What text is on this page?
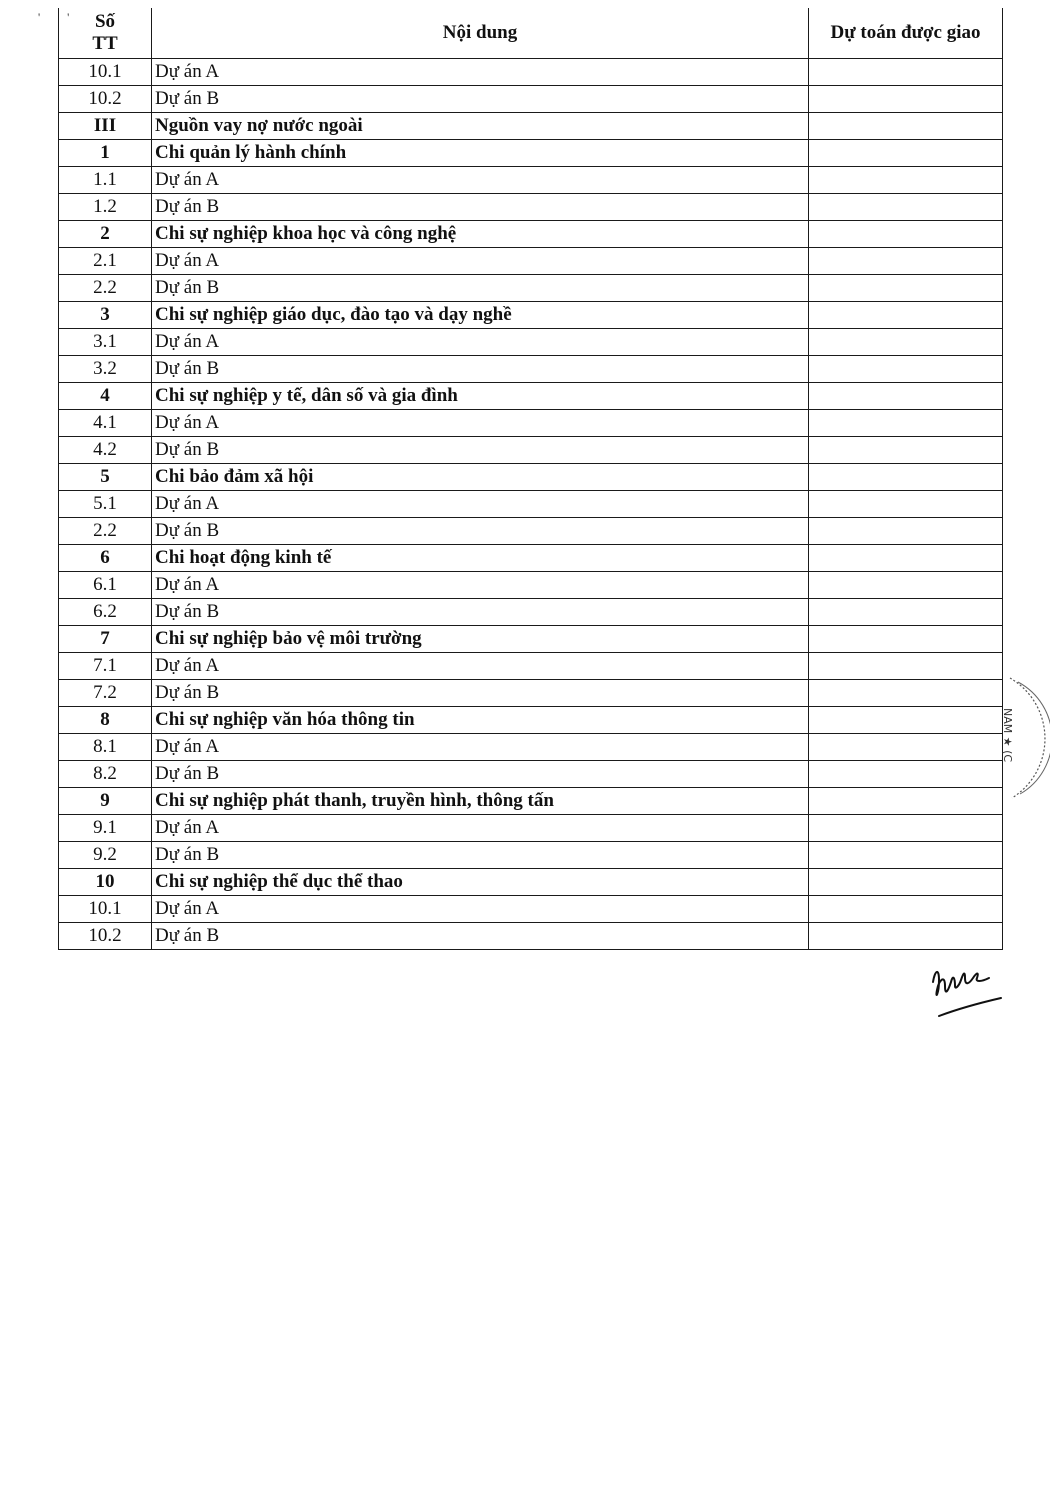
' ' Số
TT	Nội dung	Dự toán được giao
10.1	Dự án A	
10.2	Dự án B	
III	Nguồn vay nợ nước ngoài	
1	Chi quản lý hành chính	
1.1	Dự án A	
1.2	Dự án B	
2	Chi sự nghiệp khoa học và công nghệ	
2.1	Dự án A	
2.2	Dự án B	
3	Chi sự nghiệp giáo dục, đào tạo và dạy nghề	
3.1	Dự án A	
3.2	Dự án B	
4	Chi sự nghiệp y tế, dân số và gia đình	
4.1	Dự án A	
4.2	Dự án B	
5	Chi bảo đảm xã hội	
5.1	Dự án A	
2.2	Dự án B	
6	Chi hoạt động kinh tế	
6.1	Dự án A	
6.2	Dự án B	
7	Chi sự nghiệp bảo vệ môi trường	
7.1	Dự án A	
7.2	Dự án B	
8	Chi sự nghiệp văn hóa thông tin	
8.1	Dự án A	
8.2	Dự án B	
9	Chi sự nghiệp phát thanh, truyền hình, thông tấn	
9.1	Dự án A	
9.2	Dự án B	
10	Chi sự nghiệp thể dục thể thao	
10.1	Dự án A	
10.2	Dự án B	
NAM ★ (C
